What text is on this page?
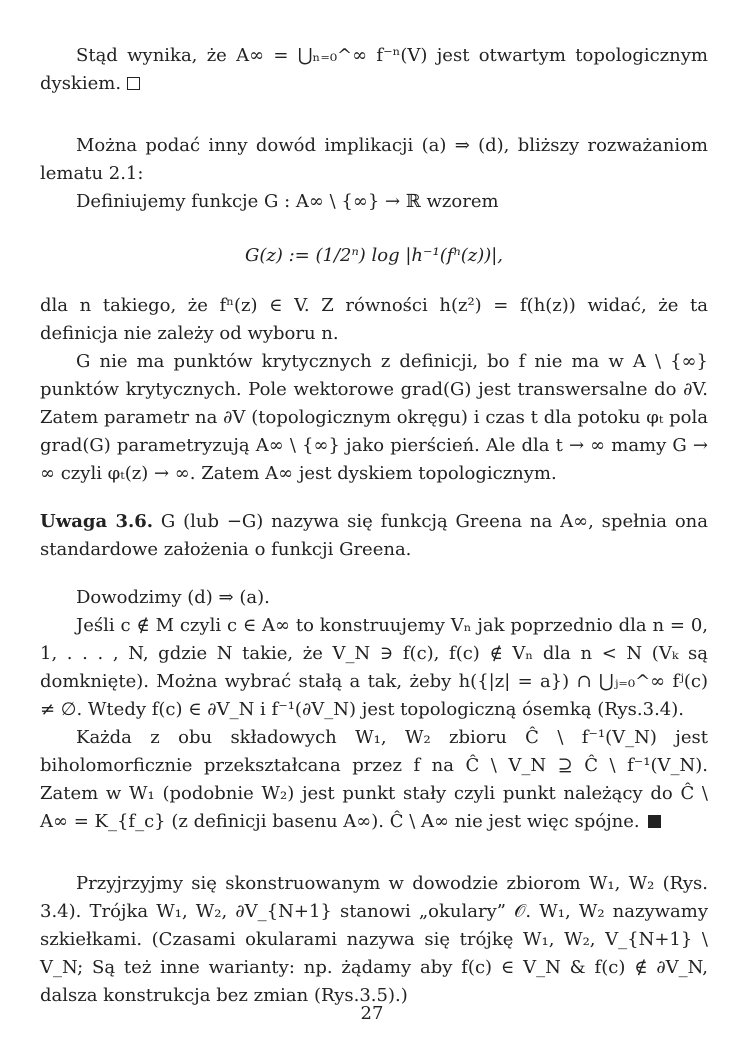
Stąd wynika, że A∞ = ⋃ₙ₌₀^∞ f⁻ⁿ(V) jest otwartym topologicznym dyskiem.

Można podać inny dowód implikacji (a) ⇒ (d), bliższy rozważaniom lematu 2.1:

Definiujemy funkcje G : A∞ \ {∞} → ℝ wzorem

G(z) := (1/2ⁿ) log |h⁻¹(fⁿ(z))|,

dla n takiego, że fⁿ(z) ∈ V. Z równości h(z²) = f(h(z)) widać, że ta definicja nie zależy od wyboru n.

G nie ma punktów krytycznych z definicji, bo f nie ma w A \ {∞} punktów krytycznych. Pole wektorowe grad(G) jest transwersalne do ∂V. Zatem parametr na ∂V (topologicznym okręgu) i czas t dla potoku φₜ pola grad(G) parametryzują A∞ \ {∞} jako pierścień. Ale dla t → ∞ mamy G → ∞ czyli φₜ(z) → ∞. Zatem A∞ jest dyskiem topologicznym.

Uwaga 3.6. G (lub −G) nazywa się funkcją Greena na A∞, spełnia ona standardowe założenia o funkcji Greena.

Dowodzimy (d) ⇒ (a).

Jeśli c ∉ M czyli c ∈ A∞ to konstruujemy Vₙ jak poprzednio dla n = 0, 1, . . . , N, gdzie N takie, że V_N ∋ f(c), f(c) ∉ Vₙ dla n < N (Vₖ są domknięte). Można wybrać stałą a tak, żeby h({|z| = a}) ∩ ⋃ⱼ₌₀^∞ fʲ(c) ≠ ∅. Wtedy f(c) ∈ ∂V_N i f⁻¹(∂V_N) jest topologiczną ósemką (Rys.3.4).

Każda z obu składowych W₁, W₂ zbioru Ĉ \ f⁻¹(V_N) jest biholomorficznie przekształcana przez f na Ĉ \ V_N ⊇ Ĉ \ f⁻¹(V_N). Zatem w W₁ (podobnie W₂) jest punkt stały czyli punkt należący do Ĉ \ A∞ = K_{f_c} (z definicji basenu A∞). Ĉ \ A∞ nie jest więc spójne.

Przyjrzyjmy się skonstruowanym w dowodzie zbiorom W₁, W₂ (Rys. 3.4). Trójka W₁, W₂, ∂V_{N+1} stanowi „okulary” 𝒪. W₁, W₂ nazywamy szkiełkami. (Czasami okularami nazywa się trójkę W₁, W₂, V_{N+1} \ V_N; Są też inne warianty: np. żądamy aby f(c) ∈ V_N & f(c) ∉ ∂V_N, dalsza konstrukcja bez zmian (Rys.3.5).)

27
